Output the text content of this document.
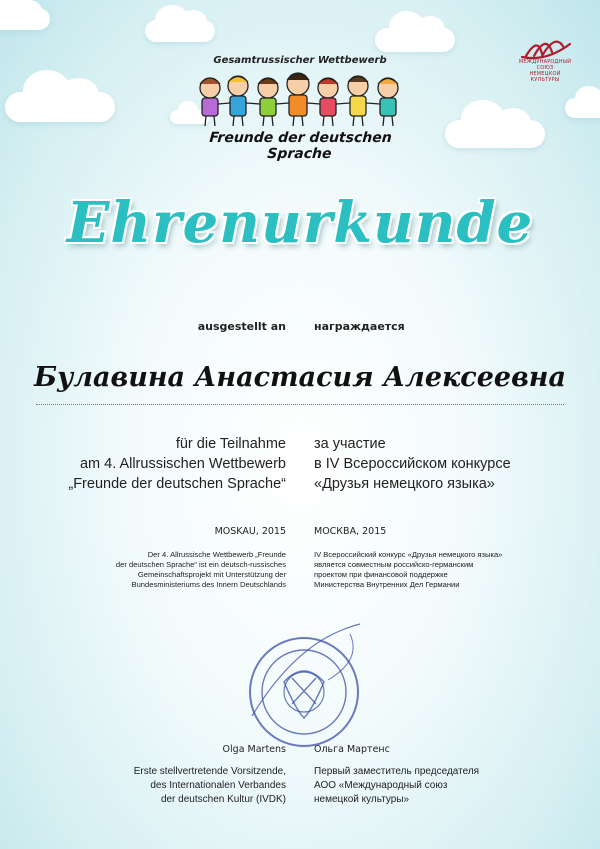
Gesamtrussischer Wettbewerb
Freunde der deutschen Sprache
МЕЖДУНАРОДНЫЙ
СОЮЗ
НЕМЕЦКОЙ
КУЛЬТУРЫ
Ehrenurkunde
ausgestellt an	награждается
Булавина Анастасия Алексеевна
für die Teilnahme
am 4. Allrussischen Wettbewerb
„Freunde der deutschen Sprache“
за участие
в IV Всероссийском конкурсе
«Друзья немецкого языка»
MOSKAU, 2015	МОСКВА, 2015
Der 4. Allrussische Wettbewerb „Freunde
der deutschen Sprache“ ist ein deutsch-russisches
Gemeinschaftsprojekt mit Unterstützung der
Bundesministeriums des Innern Deutschlands
IV Всероссийский конкурс «Друзья немецкого языка»
является совместным российско-германским
проектом при финансовой поддержке
Министерства Внутренних Дел Германии
Olga Martens	Ольга Мартенс
Erste stellvertretende Vorsitzende,
des Internationalen Verbandes
der deutschen Kultur (IVDK)
Первый заместитель председателя
АОО «Международный союз
немецкой культуры»
